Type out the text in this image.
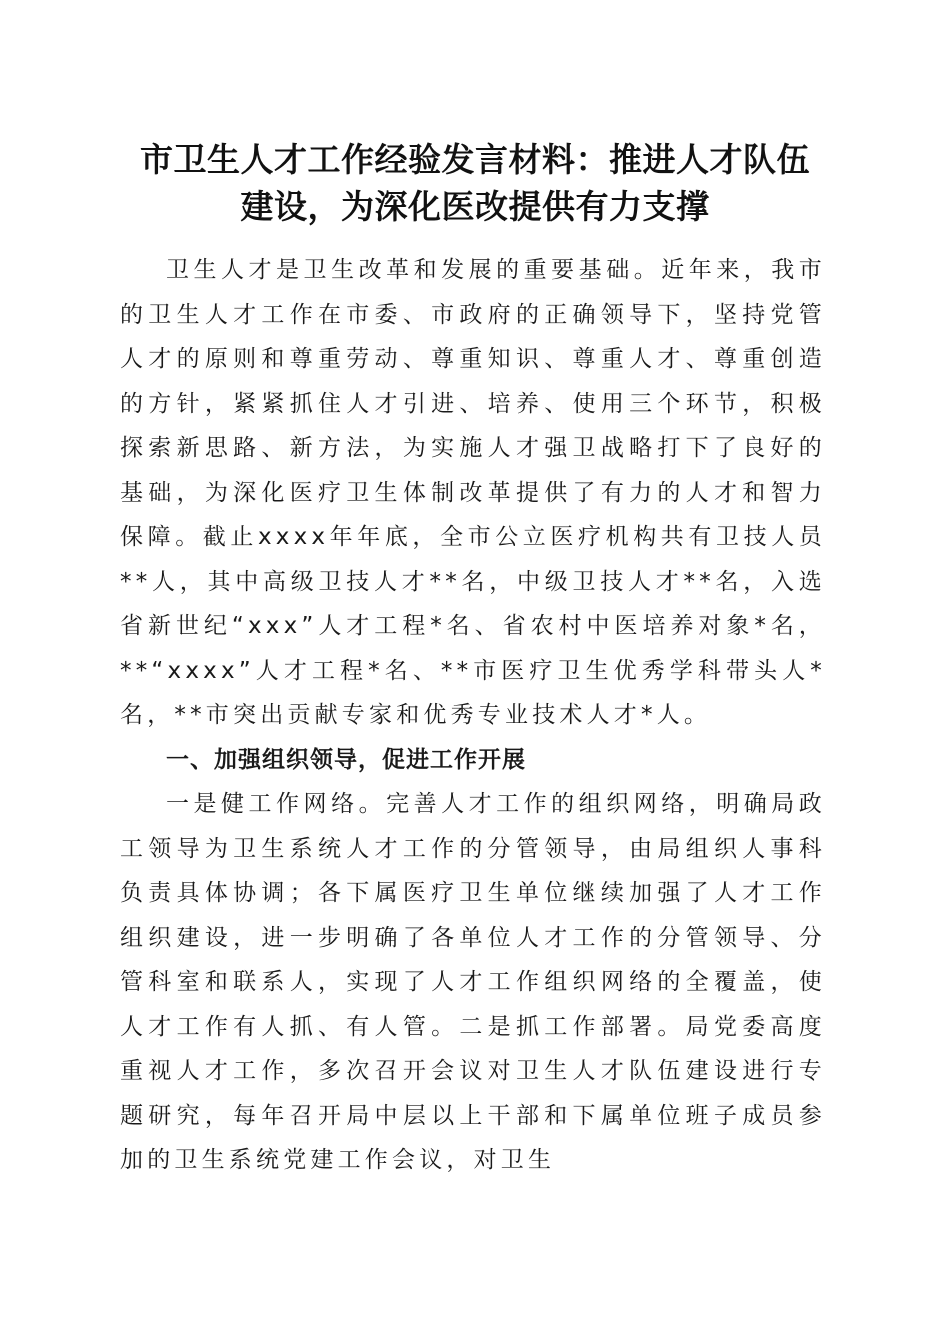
市卫生人才工作经验发言材料：推进人才队伍
建设，为深化医改提供有力支撑

卫生人才是卫生改革和发展的重要基础。近年来，我市的卫生人才工作在市委、市政府的正确领导下，坚持党管人才的原则和尊重劳动、尊重知识、尊重人才、尊重创造的方针，紧紧抓住人才引进、培养、使用三个环节，积极探索新思路、新方法，为实施人才强卫战略打下了良好的基础，为深化医疗卫生体制改革提供了有力的人才和智力保障。截止xxxx年年底，全市公立医疗机构共有卫技人员**人，其中高级卫技人才**名，中级卫技人才**名，入选省新世纪“xxx”人才工程*名、省农村中医培养对象*名，**“xxxx”人才工程*名、**市医疗卫生优秀学科带头人*名，**市突出贡献专家和优秀专业技术人才*人。

一、加强组织领导，促进工作开展

一是健工作网络。完善人才工作的组织网络，明确局政工领导为卫生系统人才工作的分管领导，由局组织人事科负责具体协调；各下属医疗卫生单位继续加强了人才工作组织建设，进一步明确了各单位人才工作的分管领导、分管科室和联系人，实现了人才工作组织网络的全覆盖，使人才工作有人抓、有人管。二是抓工作部署。局党委高度重视人才工作，多次召开会议对卫生人才队伍建设进行专题研究，每年召开局中层以上干部和下属单位班子成员参加的卫生系统党建工作会议，对卫生
